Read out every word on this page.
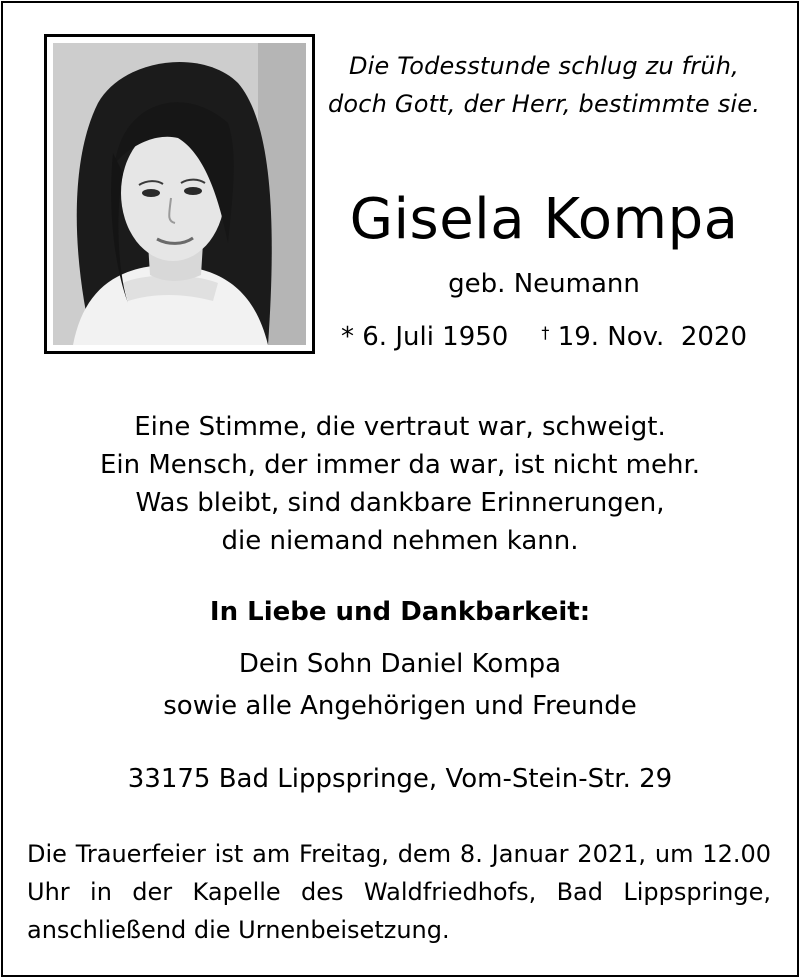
Die Todesstunde schlug zu früh,
doch Gott, der Herr, bestimmte sie.
Gisela Kompa
geb. Neumann
* 6. Juli 1950 † 19. Nov.  2020
Eine Stimme, die vertraut war, schweigt.
Ein Mensch, der immer da war, ist nicht mehr.
Was bleibt, sind dankbare Erinnerungen,
die niemand nehmen kann.
In Liebe und Dankbarkeit:
Dein Sohn Daniel Kompa
sowie alle Angehörigen und Freunde
33175 Bad Lippspringe, Vom-Stein-Str. 29
Die Trauerfeier ist am Freitag, dem 8. Januar 2021, um 12.00 Uhr in der Kapelle des Waldfriedhofs, Bad Lippspringe, anschließend die Urnenbeisetzung.
